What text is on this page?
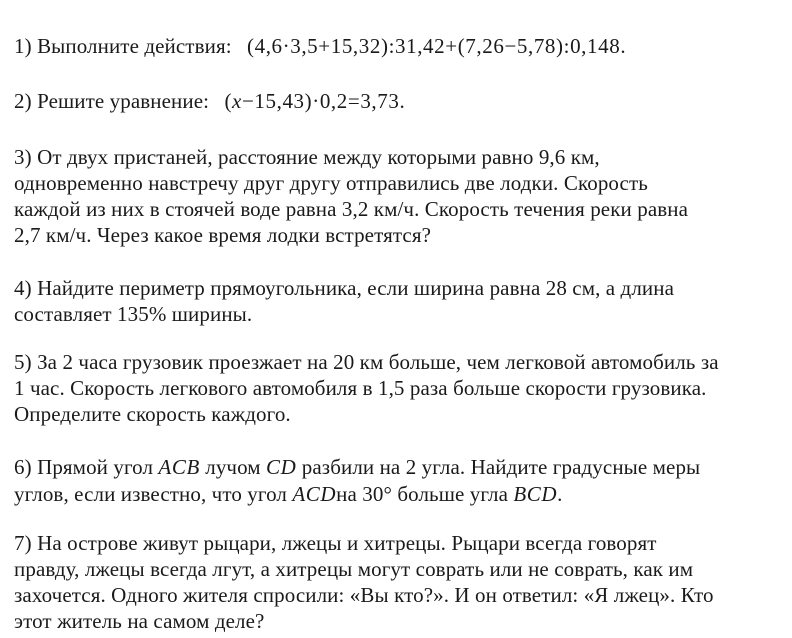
1) Выполните действия: (4,6·3,5+15,32):31,42+(7,26−5,78):0,148.
2) Решите уравнение: (x−15,43)·0,2=3,73.
3) От двух пристаней, расстояние между которыми равно 9,6 км,
одновременно навстречу друг другу отправились две лодки. Скорость
каждой из них в стоячей воде равна 3,2 км/ч. Скорость течения реки равна
2,7 км/ч. Через какое время лодки встретятся?
4) Найдите периметр прямоугольника, если ширина равна 28 см, а длина
составляет 135% ширины.
5) За 2 часа грузовик проезжает на 20 км больше, чем легковой автомобиль за
1 час. Скорость легкового автомобиля в 1,5 раза больше скорости грузовика.
Определите скорость каждого.
6) Прямой угол ACB лучом CD разбили на 2 угла. Найдите градусные меры
углов, если известно, что угол ACDна 30° больше угла BCD.
7) На острове живут рыцари, лжецы и хитрецы. Рыцари всегда говорят
правду, лжецы всегда лгут, а хитрецы могут соврать или не соврать, как им
захочется. Одного жителя спросили: «Вы кто?». И он ответил: «Я лжец». Кто
этот житель на самом деле?
